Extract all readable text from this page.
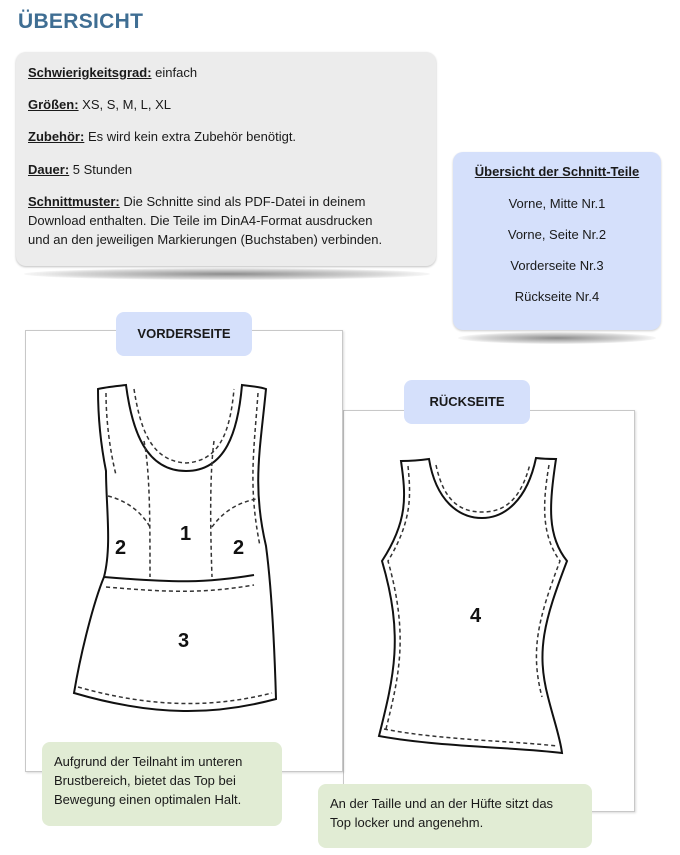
ÜBERSICHT
Schwierigkeitsgrad: einfach
Größen: XS, S, M, L, XL
Zubehör: Es wird kein extra Zubehör benötigt.
Dauer: 5 Stunden
Schnittmuster: Die Schnitte sind als PDF-Datei in deinem
Download enthalten. Die Teile im DinA4-Format ausdrucken
und an den jeweiligen Markierungen (Buchstaben) verbinden.
Übersicht der Schnitt-Teile
Vorne, Mitte Nr.1
Vorne, Seite Nr.2
Vorderseite Nr.3
Rückseite Nr.4
4
1
2	2
3
VORDERSEITE
RÜCKSEITE
Aufgrund der Teilnaht im unteren
Brustbereich, bietet das Top bei
Bewegung einen optimalen Halt.	An der Taille und an der Hüfte sitzt das
Top locker und angenehm.
